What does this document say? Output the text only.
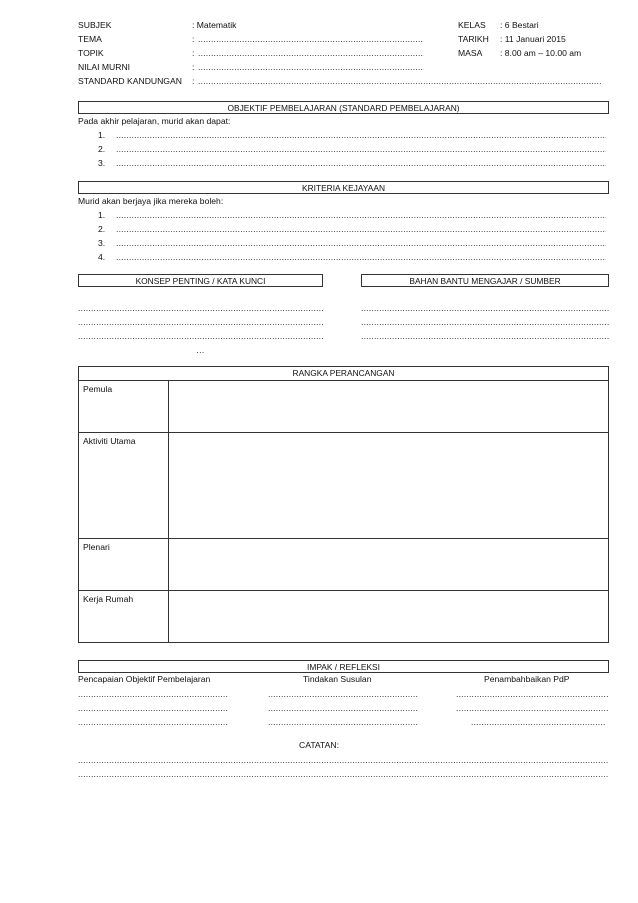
SUBJEK	: Matematik
TEMA	:
.....
TOPIK	:
.....
NILAI MURNI	:
.....
STANDARD KANDUNGAN :
.....
KELAS : 6 Bestari
TARIKH : 11 Januari 2015
MASA : 8.00 am – 10.00 am
OBJEKTIF PEMBELAJARAN (STANDARD PEMBELAJARAN)
Pada akhir pelajaran, murid akan dapat:
1.
.....
2.
.....
3.
.....
KRITERIA KEJAYAAN
Murid akan berjaya jika mereka boleh:
1.
.....
2.
.....
3.
.....
4.
.....
KONSEP PENTING / KATA KUNCI	BAHAN BANTU MENGAJAR / SUMBER
.....
.....
.....
…
.....
.....
.....
RANGKA PERANCANGAN	
Pemula	
Aktiviti Utama	
Plenari	
Kerja Rumah	
IMPAK / REFLEKSI
Pencapaian Objektif Pembelajaran	Tindakan Susulan	Penambahbaikan PdP
.....
.....
.....
.....
.....
.....
.....
.....
.....
CATATAN:
.....
.....
